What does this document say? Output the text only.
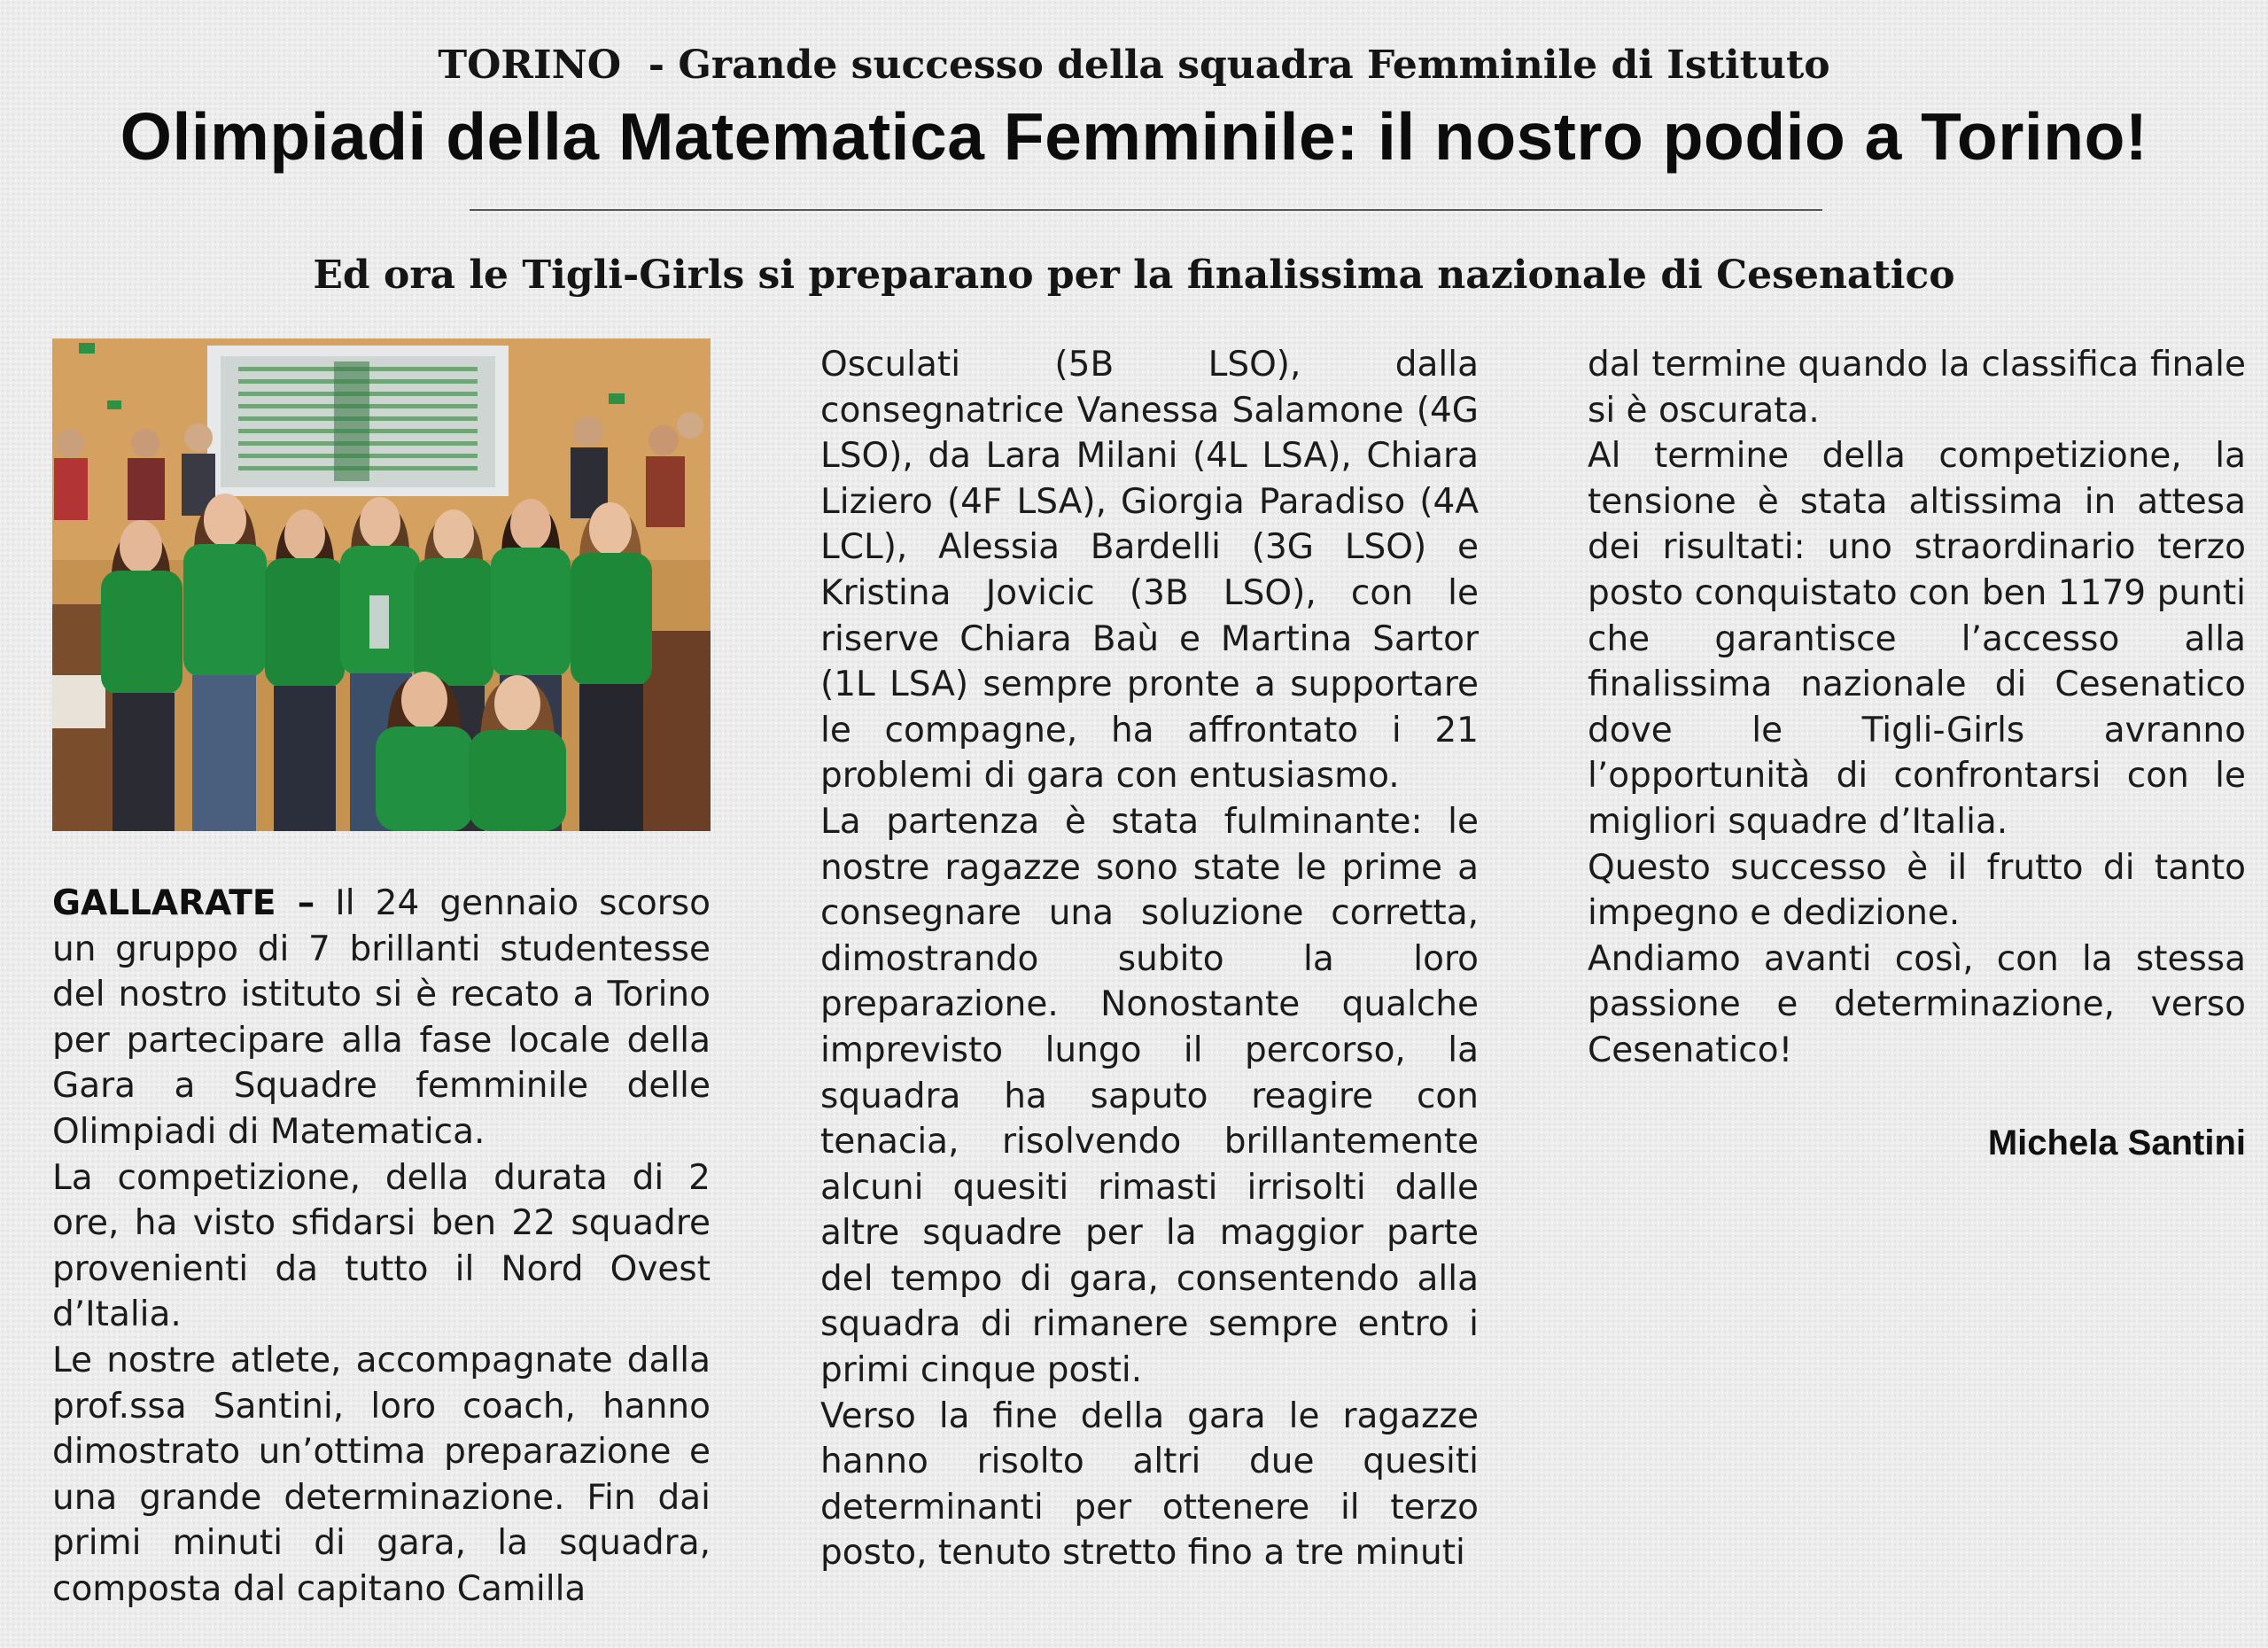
TORINO  - Grande successo della squadra Femminile di Istituto
Olimpiadi della Matematica Femminile: il nostro podio a Torino!
Ed ora le Tigli-Girls si preparano per la finalissima nazionale di Cesenatico

GALLARATE – Il 24 gennaio scorso un gruppo di 7 brillanti studentesse del nostro istituto si è recato a Torino per partecipare alla fase locale della Gara a Squadre femminile delle Olimpiadi di Matematica.

La competizione, della durata di 2 ore, ha visto sfidarsi ben 22 squadre provenienti da tutto il Nord Ovest d’Italia.

Le nostre atlete, accompagnate dalla prof.ssa Santini, loro coach, hanno dimostrato un’ottima preparazione e una grande determinazione. Fin dai primi minuti di gara, la squadra, composta dal capitano Camilla

Osculati (5B LSO), dalla consegnatrice Vanessa Salamone (4G LSO), da Lara Milani (4L LSA), Chiara Liziero (4F LSA), Giorgia Paradiso (4A LCL), Alessia Bardelli (3G LSO) e Kristina Jovicic (3B LSO), con le riserve Chiara Baù e Martina Sartor (1L LSA) sempre pronte a supportare le compagne, ha affrontato i 21 problemi di gara con entusiasmo.

La partenza è stata fulminante: le nostre ragazze sono state le prime a consegnare una soluzione corretta, dimostrando subito la loro preparazione. Nonostante qualche imprevisto lungo il percorso, la squadra ha saputo reagire con tenacia, risolvendo brillantemente alcuni quesiti rimasti irrisolti dalle altre squadre per la maggior parte del tempo di gara, consentendo alla squadra di rimanere sempre entro i primi cinque posti.

Verso la fine della gara le ragazze hanno risolto altri due quesiti determinanti per ottenere il terzo posto, tenuto stretto fino a tre minuti

dal termine quando la classifica finale si è oscurata.

Al termine della competizione, la tensione è stata altissima in attesa dei risultati: uno straordinario terzo posto conquistato con ben 1179 punti che garantisce l’accesso alla finalissima nazionale di Cesenatico dove le Tigli-Girls avranno l’opportunità di confrontarsi con le migliori squadre d’Italia.

Questo successo è il frutto di tanto impegno e dedizione.

Andiamo avanti così, con la stessa passione e determinazione, verso Cesenatico!

Michela Santini
